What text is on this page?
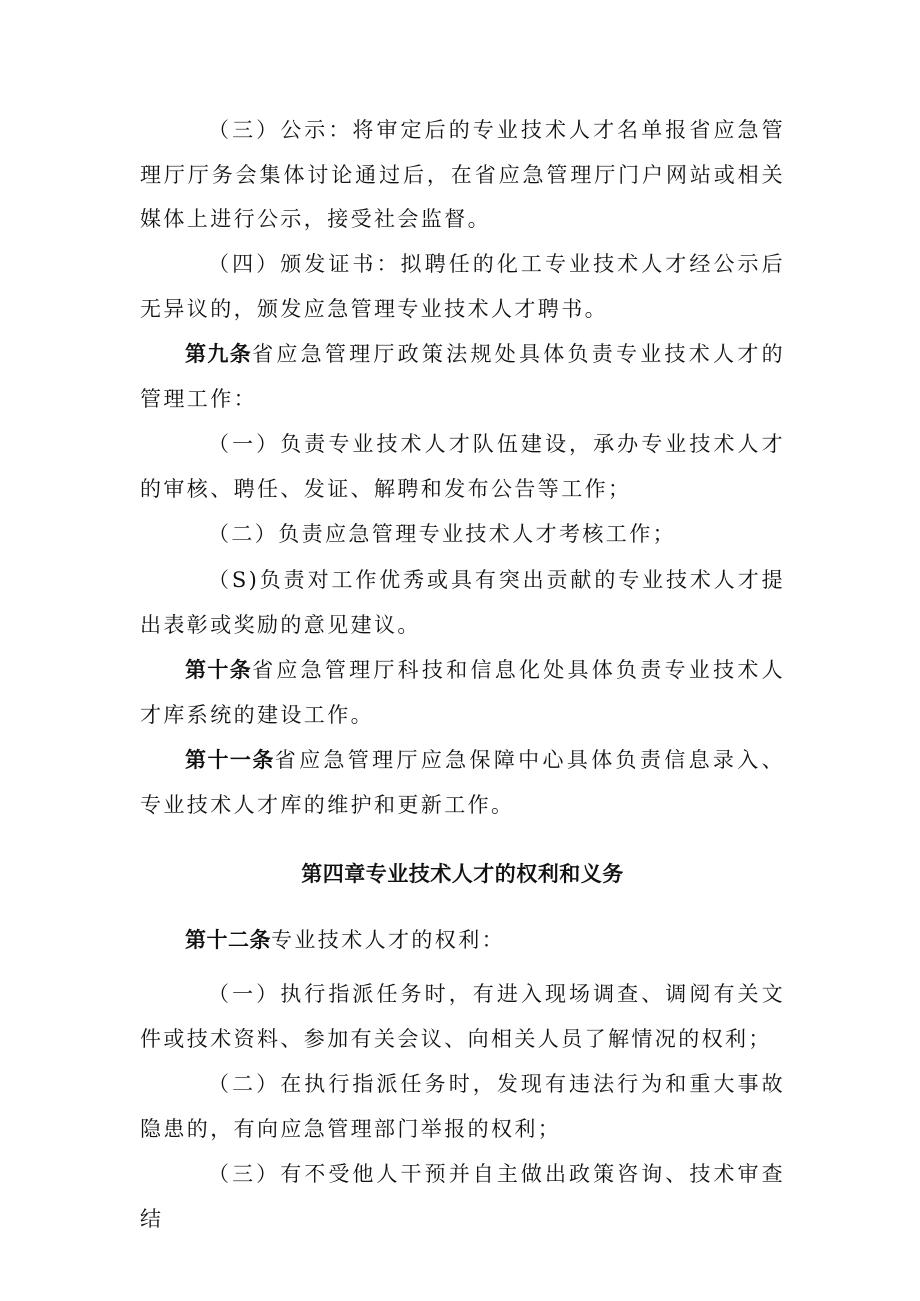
（三）公示：将审定后的专业技术人才名单报省应急管理厅厅务会集体讨论通过后，在省应急管理厅门户网站或相关媒体上进行公示，接受社会监督。

（四）颁发证书：拟聘任的化工专业技术人才经公示后无异议的，颁发应急管理专业技术人才聘书。

第九条省应急管理厅政策法规处具体负责专业技术人才的管理工作：

（一）负责专业技术人才队伍建设，承办专业技术人才的审核、聘任、发证、解聘和发布公告等工作；

（二）负责应急管理专业技术人才考核工作；

（S)负责对工作优秀或具有突出贡献的专业技术人才提出表彰或奖励的意见建议。

第十条省应急管理厅科技和信息化处具体负责专业技术人才库系统的建设工作。

第十一条省应急管理厅应急保障中心具体负责信息录入、专业技术人才库的维护和更新工作。

第四章专业技术人才的权利和义务

第十二条专业技术人才的权利：

（一）执行指派任务时，有进入现场调查、调阅有关文件或技术资料、参加有关会议、向相关人员了解情况的权利；

（二）在执行指派任务时，发现有违法行为和重大事故隐患的，有向应急管理部门举报的权利；

（三）有不受他人干预并自主做出政策咨询、技术审查结
